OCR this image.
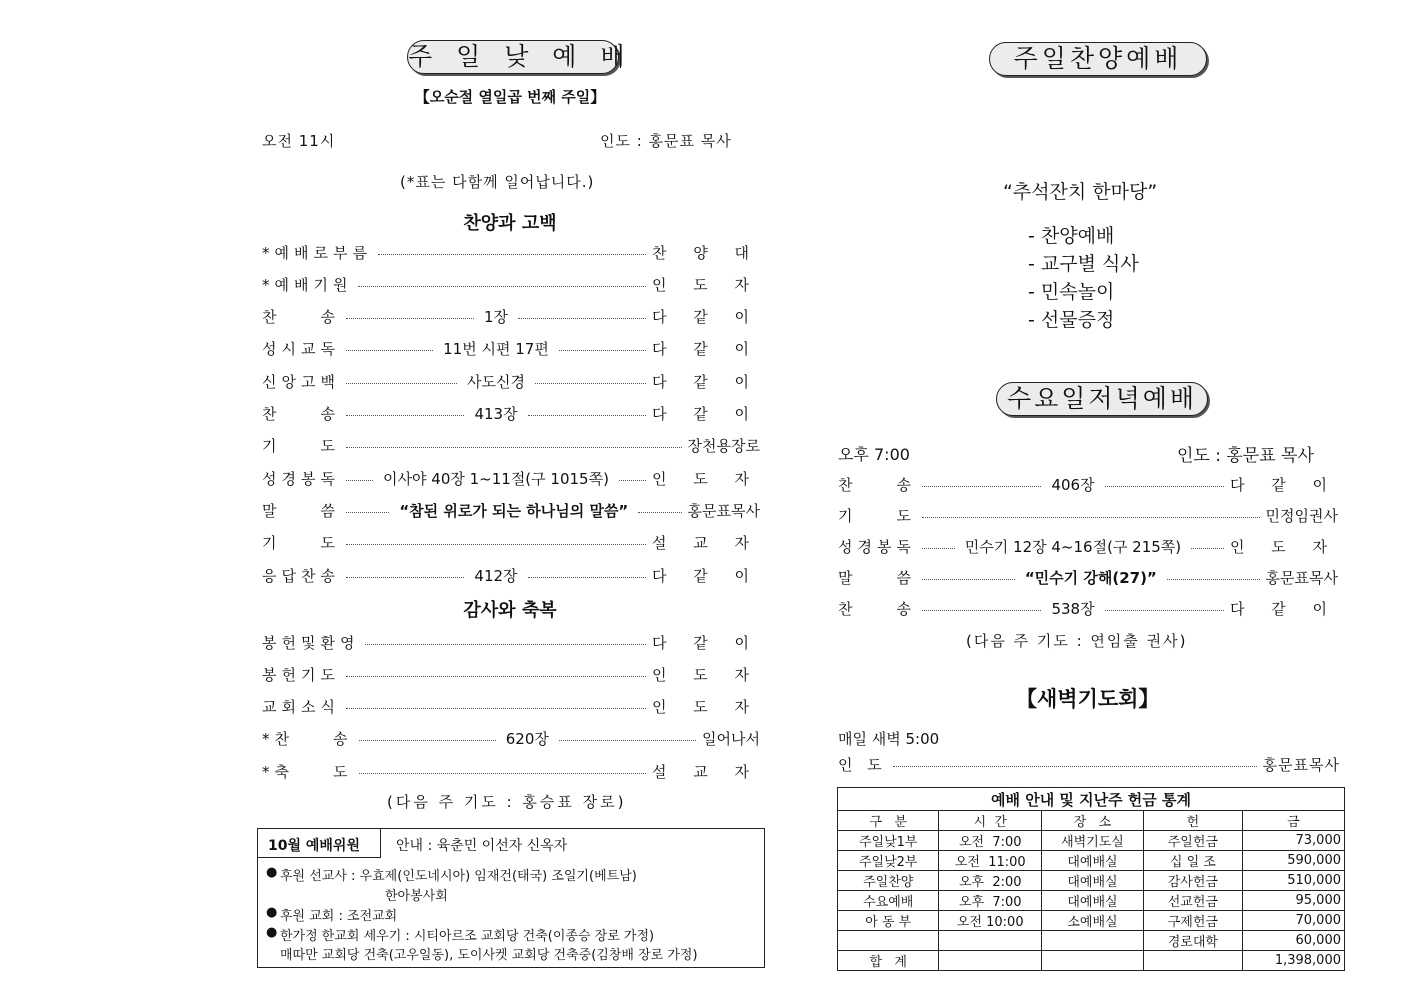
주 일 낮 예 배
【오순절 열일곱 번째 주일】
오전 11시	인도 : 홍문표 목사
(*표는 다함께 일어납니다.)
찬양과 고백
*예배로부름	찬 양 대
*예배기원	인 도 자
찬    송	1장	다 같 이
성시교독	11번 시편 17편	다 같 이
신앙고백	사도신경	다 같 이
찬    송	413장	다 같 이
기    도	장천용장로
성경봉독	이사야 40장 1~11절(구 1015쪽)	인 도 자
말    씀	“참된 위로가 되는 하나님의 말씀”	홍문표목사
기    도	설 교 자
응답찬송	412장	다 같 이
감사와 축복
봉헌및환영	다 같 이
봉헌기도	인 도 자
교회소식	인 도 자
*찬    송	620장	일어나서
*축    도	설 교 자
(다음 주 기도 : 홍승표 장로)
10월 예배위원	안내 : 육춘민 이선자 신옥자
● 후원 선교사 : 우효제(인도네시아) 임재건(태국) 조일기(베트남)
한아봉사회
● 후원 교회 : 조전교회
● 한가정 한교회 세우기 : 시티아르조 교회당 건축(이종승 장로 가정)
매따만 교회당 건축(고우일동), 도이사켓 교회당 건축중(김창배 장로 가정)
주일찬양예배
“추석잔치 한마당”
- 찬양예배
- 교구별 식사
- 민속놀이
- 선물증정
수요일저녁예배
오후 7:00	인도 : 홍문표 목사
찬    송	406장	다 같 이
기    도	민정임권사
성경봉독	민수기 12장 4~16절(구 215쪽)	인 도 자
말    씀	“민수기 강해(27)”	홍문표목사
찬    송	538장	다 같 이
(다음 주 기도 : 연임출 권사)
【새벽기도회】
매일 새벽 5:00
인 도	홍문표목사
예배 안내 및 지난주 헌금 통계				
구   분	시  간	장   소	헌	금
주일낮1부	오전  7:00	새벽기도실	주일헌금	73,000
주일낮2부	오전  11:00	대예배실	십 일 조	590,000
주일찬양	오후  2:00	대예배실	감사헌금	510,000
수요예배	오후  7:00	대예배실	선교헌금	95,000
아 동 부	오전 10:00	소예배실	구제헌금	70,000
			경로대학	60,000
합   계				1,398,000
